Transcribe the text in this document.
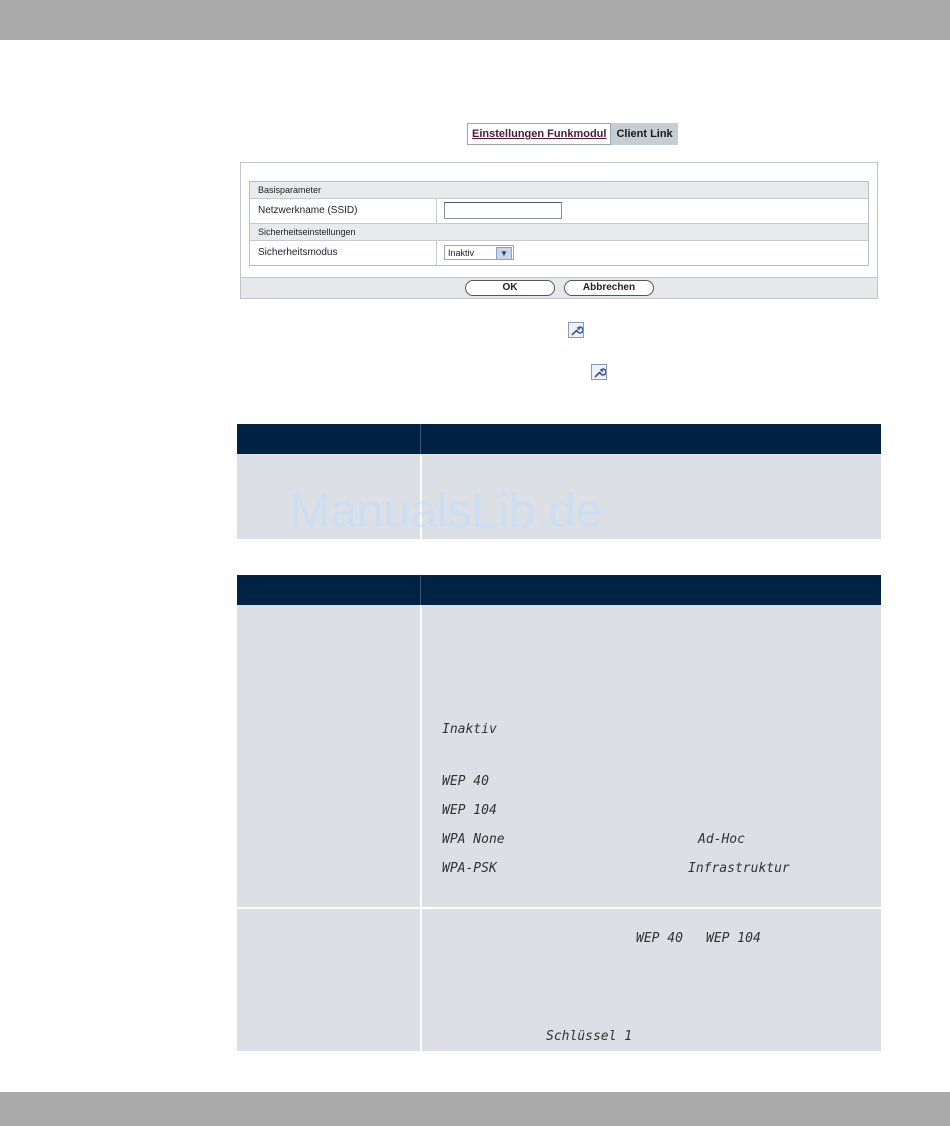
Einstellungen Funkmodul Client Link
Basisparameter
Netzwerkname (SSID)
Sicherheitseinstellungen
Sicherheitsmodus	Inaktiv	▼
OK	Abbrechen
ManualsLib.de
Inaktiv
WEP 40
WEP 104
WPA None	Ad-Hoc
WPA-PSK	Infrastruktur
WEP 40 WEP 104
Schlüssel 1
